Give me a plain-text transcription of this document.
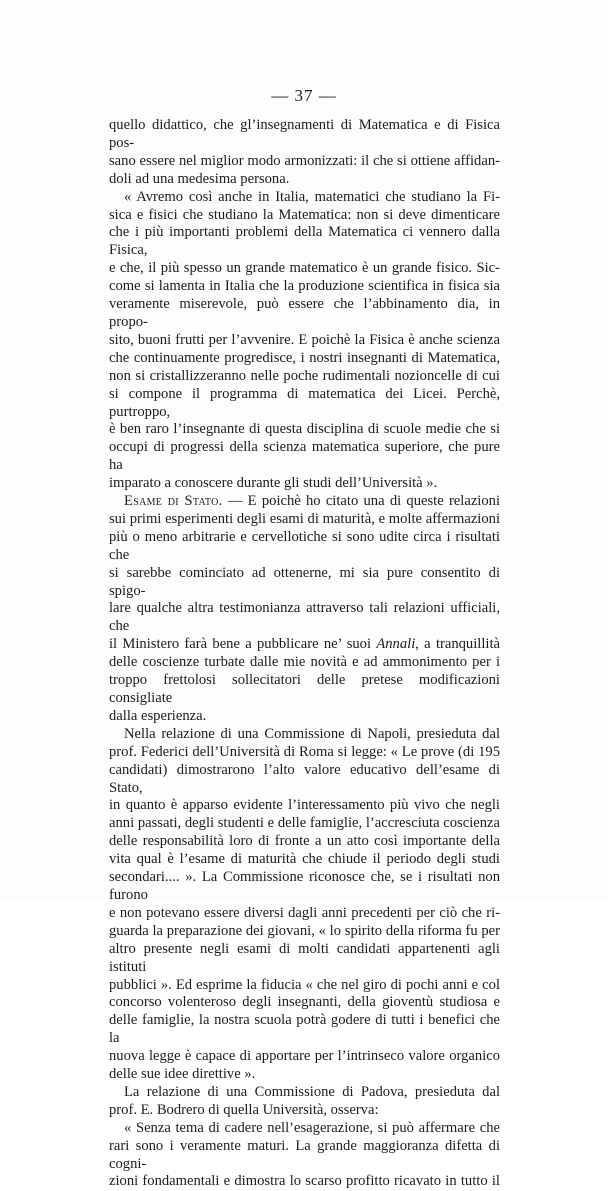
— 37 —

quello didattico, che gl’insegnamenti di Matematica e di Fisica pos-

sano essere nel miglior modo armonizzati: il che si ottiene affidan-

doli ad una medesima persona.

« Avremo così anche in Italia, matematici che studiano la Fi-

sica e fisici che studiano la Matematica: non si deve dimenticare

che i più importanti problemi della Matematica ci vennero dalla Fisica,

e che, il più spesso un grande matematico è un grande fisico. Sic-

come si lamenta in Italia che la produzione scientifica in fisica sia

veramente miserevole, può essere che l’abbinamento dia, in propo-

sito, buoni frutti per l’avvenire. E poichè la Fisica è anche scienza

che continuamente progredisce, i nostri insegnanti di Matematica,

non si cristallizzeranno nelle poche rudimentali nozioncelle di cui

si compone il programma di matematica dei Licei. Perchè, purtroppo,

è ben raro l’insegnante di questa disciplina di scuole medie che si

occupi di progressi della scienza matematica superiore, che pure ha

imparato a conoscere durante gli studi dell’Università ».

Esame di Stato. — E poichè ho citato una di queste relazioni

sui primi esperimenti degli esami di maturità, e molte affermazioni

più o meno arbitrarie e cervellotiche si sono udite circa i risultati che

si sarebbe cominciato ad ottenerne, mi sia pure consentito di spigo-

lare qualche altra testimonianza attraverso tali relazioni ufficiali, che

il Ministero farà bene a pubblicare ne’ suoi Annali, a tranquillità

delle coscienze turbate dalle mie novità e ad ammonimento per i

troppo frettolosi sollecitatori delle pretese modificazioni consigliate

dalla esperienza.

Nella relazione di una Commissione di Napoli, presieduta dal

prof. Federici dell’Università di Roma si legge: « Le prove (di 195

candidati) dimostrarono l’alto valore educativo dell’esame di Stato,

in quanto è apparso evidente l’interessamento più vivo che negli

anni passati, degli studenti e delle famiglie, l’accresciuta coscienza

delle responsabilità loro di fronte a un atto così importante della

vita qual è l’esame di maturità che chiude il periodo degli studi

secondari.... ». La Commissione riconosce che, se i risultati non furono

e non potevano essere diversi dagli anni precedenti per ciò che ri-

guarda la preparazione dei giovani, « lo spirito della riforma fu per

altro presente negli esami di molti candidati appartenenti agli istituti

pubblici ». Ed esprime la fiducia « che nel giro di pochi anni e col

concorso volenteroso degli insegnanti, della gioventù studiosa e

delle famiglie, la nostra scuola potrà godere di tutti i benefici che la

nuova legge è capace di apportare per l’intrinseco valore organico

delle sue idee direttive ».

La relazione di una Commissione di Padova, presieduta dal

prof. E. Bodrero di quella Università, osserva:

« Senza tema di cadere nell’esagerazione, si può affermare che

rari sono i veramente maturi. La grande maggioranza difetta di cogni-

zioni fondamentali e dimostra lo scarso profitto ricavato in tutto il
